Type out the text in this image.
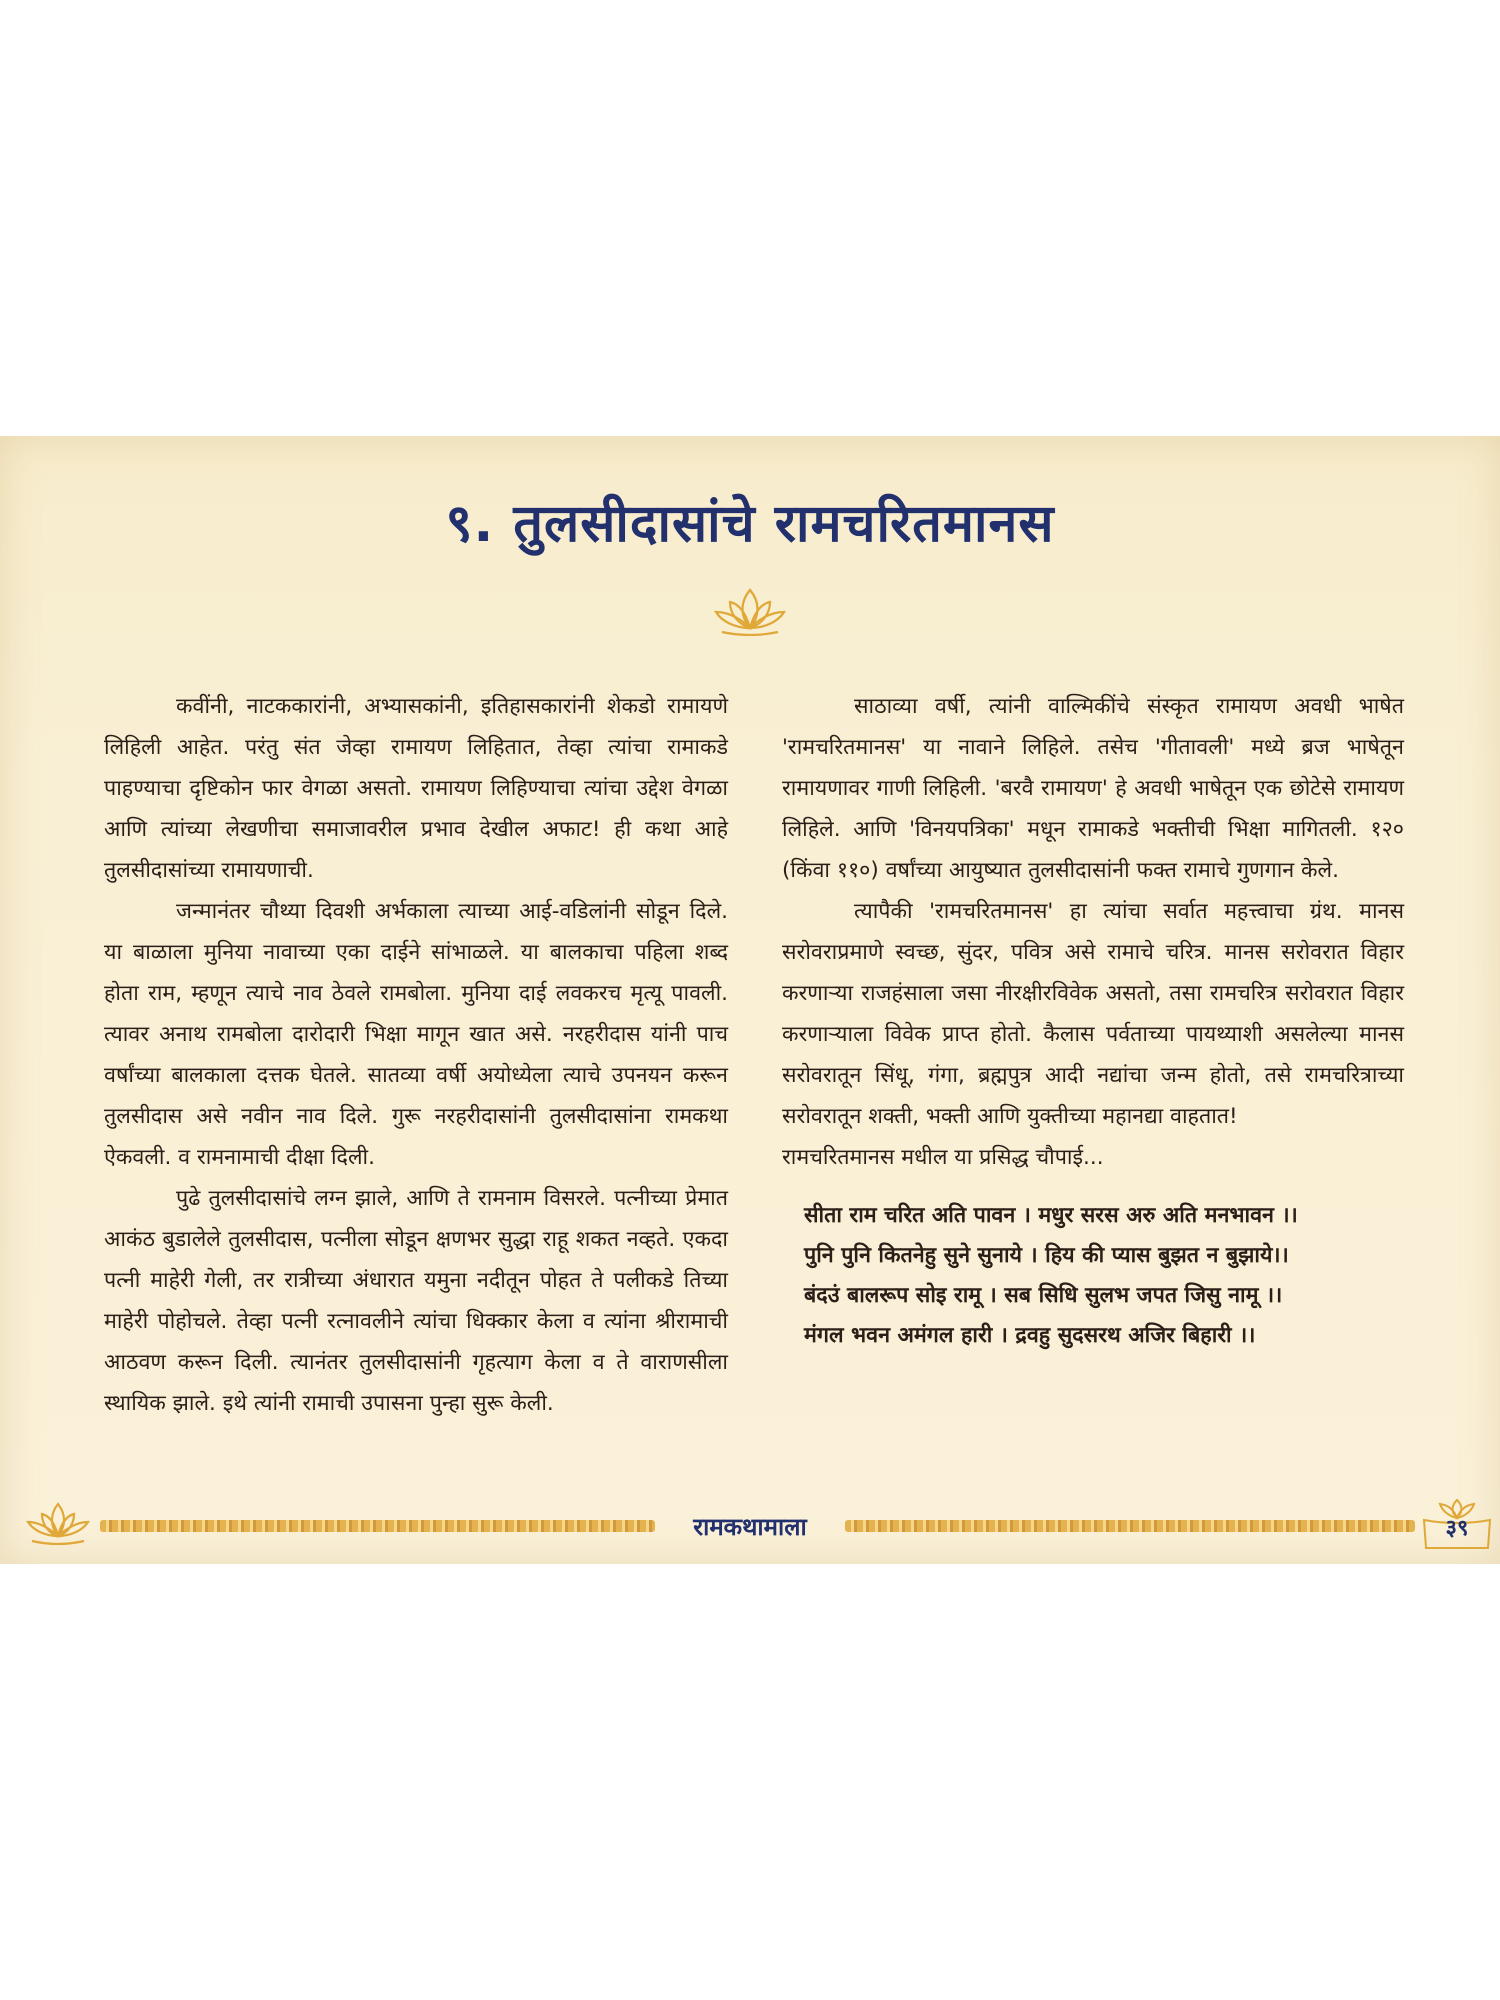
९. तुलसीदासांचे रामचरितमानस

कवींनी, नाटककारांनी, अभ्यासकांनी, इतिहासकारांनी शेकडो रामायणे लिहिली आहेत. परंतु संत जेव्हा रामायण लिहितात, तेव्हा त्यांचा रामाकडे पाहण्याचा दृष्टिकोन फार वेगळा असतो. रामायण लिहिण्याचा त्यांचा उद्देश वेगळा आणि त्यांच्या लेखणीचा समाजावरील प्रभाव देखील अफाट! ही कथा आहे तुलसीदासांच्या रामायणाची.

जन्मानंतर चौथ्या दिवशी अर्भकाला त्याच्या आई-वडिलांनी सोडून दिले. या बाळाला मुनिया नावाच्या एका दाईने सांभाळले. या बालकाचा पहिला शब्द होता राम, म्हणून त्याचे नाव ठेवले रामबोला. मुनिया दाई लवकरच मृत्यू पावली. त्यावर अनाथ रामबोला दारोदारी भिक्षा मागून खात असे. नरहरीदास यांनी पाच वर्षांच्या बालकाला दत्तक घेतले. सातव्या वर्षी अयोध्येला त्याचे उपनयन करून तुलसीदास असे नवीन नाव दिले. गुरू नरहरीदासांनी तुलसीदासांना रामकथा ऐकवली. व रामनामाची दीक्षा दिली.

पुढे तुलसीदासांचे लग्न झाले, आणि ते रामनाम विसरले. पत्नीच्या प्रेमात आकंठ बुडालेले तुलसीदास, पत्नीला सोडून क्षणभर सुद्धा राहू शकत नव्हते. एकदा पत्नी माहेरी गेली, तर रात्रीच्या अंधारात यमुना नदीतून पोहत ते पलीकडे तिच्या माहेरी पोहोचले. तेव्हा पत्नी रत्नावलीने त्यांचा धिक्कार केला व त्यांना श्रीरामाची आठवण करून दिली. त्यानंतर तुलसीदासांनी गृहत्याग केला व ते वाराणसीला स्थायिक झाले. इथे त्यांनी रामाची उपासना पुन्हा सुरू केली.

साठाव्या वर्षी, त्यांनी वाल्मिकींचे संस्कृत रामायण अवधी भाषेत 'रामचरितमानस' या नावाने लिहिले. तसेच 'गीतावली' मध्ये ब्रज भाषेतून रामायणावर गाणी लिहिली. 'बरवै रामायण' हे अवधी भाषेतून एक छोटेसे रामायण लिहिले. आणि 'विनयपत्रिका' मधून रामाकडे भक्तीची भिक्षा मागितली. १२० (किंवा ११०) वर्षांच्या आयुष्यात तुलसीदासांनी फक्त रामाचे गुणगान केले.

त्यापैकी 'रामचरितमानस' हा त्यांचा सर्वात महत्त्वाचा ग्रंथ. मानस सरोवराप्रमाणे स्वच्छ, सुंदर, पवित्र असे रामाचे चरित्र. मानस सरोवरात विहार करणाऱ्या राजहंसाला जसा नीरक्षीरविवेक असतो, तसा रामचरित्र सरोवरात विहार करणाऱ्याला विवेक प्राप्त होतो. कैलास पर्वताच्या पायथ्याशी असलेल्या मानस सरोवरातून सिंधू, गंगा, ब्रह्मपुत्र आदी नद्यांचा जन्म होतो, तसे रामचरित्राच्या सरोवरातून शक्ती, भक्ती आणि युक्तीच्या महानद्या वाहतात!

रामचरितमानस मधील या प्रसिद्ध चौपाई...

सीता राम चरित अति पावन । मधुर सरस अरु अति मनभावन ।।
पुनि पुनि कितनेहु सुने सुनाये । हिय की प्यास बुझत न बुझाये।।
बंदउं बालरूप सोइ रामू । सब सिधि सुलभ जपत जिसु नामू ।।
मंगल भवन अमंगल हारी । द्रवहु सुदसरथ अजिर बिहारी ।।
रामकथामाला	३९
